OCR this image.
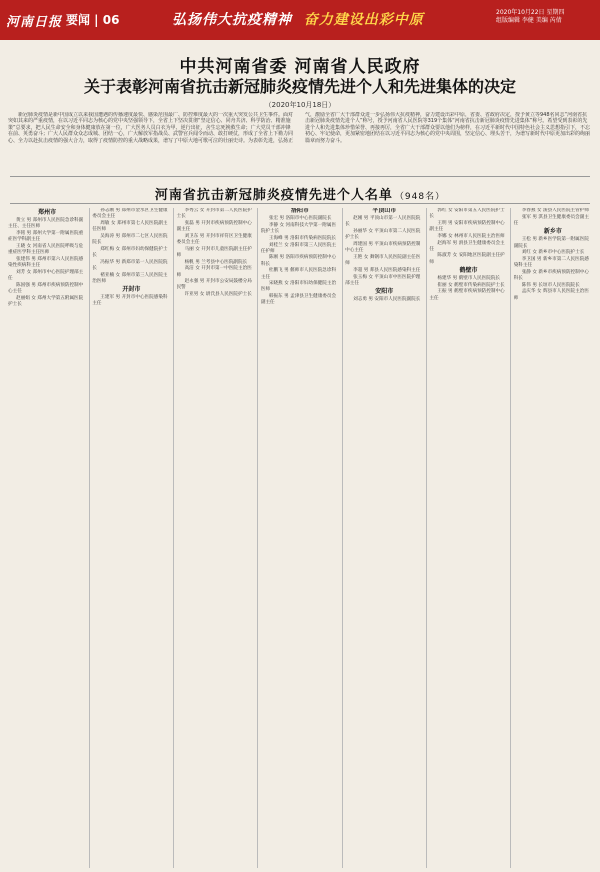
河南日报 要闻 | 06	弘扬伟大抗疫精神 奋力建设出彩中原	2020年10月22日 星期四
组版编辑 李健 美编 芮倩
中共河南省委 河南省人民政府
关于表彰河南省抗击新冠肺炎疫情先进个人和先进集体的决定
（2020年10月18日）
新冠肺炎疫情是新中国成立以来我国遭遇的传播速度最快、感染范围最广、防控难度最大的一次重大突发公共卫生事件。面对突如其来的严重疫情，在以习近平同志为核心的党中央坚强领导下，全省上下坚决贯彻“坚定信心、同舟共济、科学防治、精准施策”总要求，把人民生命安全和身体健康放在第一位，广大医务人员白衣为甲、逆行出征，舍生忘死挽救生命；广大党员干部冲锋在前、英勇奋斗；广大人民群众众志成城、团结一心，广大解放军指战员、武警官兵闻令而动、敢打硬仗，形成了全省上下勠力同心、全力以赴抗击疫情的强大合力，取得了疫情防控的重大战略成果，谱写了中原大地可歌可泣的壮丽史诗。为表彰先进，弘扬正气，激励全省广大干部群众进一步弘扬伟大抗疫精神，奋力建设出彩中原，省委、省政府决定，授予黄立等948名同志“河南省抗击新冠肺炎疫情先进个人”称号，授予河南省人民医院等319个集体“河南省抗击新冠肺炎疫情先进集体”称号。希望受到表彰的先进个人和先进集体珍惜荣誉、再接再厉，全省广大干部群众要以他们为榜样，在习近平新时代中国特色社会主义思想指引下，不忘初心、牢记使命，更加紧密地团结在以习近平同志为核心的党中央周围，坚定信心、埋头苦干，为谱写新时代中原更加出彩的绚丽篇章而努力奋斗。
河南省抗击新冠肺炎疫情先进个人名单 （948名）
郑州市
黄立 男 郑州市人民医院急诊科副主任、主任医师
李铭 男 郑州大学第一附属医院重症医学科副主任
王晓 女 河南省人民医院呼吸与危重症医学科主任医师
张建伟 男 郑州市第六人民医院感染性疾病科主任
刘芳 女 郑州市中心医院护理部主任
陈国强 男 郑州市疾病预防控制中心主任
赵丽娟 女 郑州大学第五附属医院护士长
孙志刚 男 郑州市金水区卫生健康委员会主任
周敏 女 郑州市第七人民医院副主任医师
吴海涛 男 郑州市二七区人民医院院长
郑红梅 女 郑州市妇幼保健院护士长
冯振华 男 新郑市第一人民医院院长
褚亚楠 女 郑州市第三人民医院主治医师
开封市
王建军 男 开封市中心医院感染科主任
李秀云 女 开封市第二人民医院护士长
张磊 男 开封市疾病预防控制中心副主任
刘卫东 男 开封市祥符区卫生健康委员会主任
马丽 女 开封市儿童医院副主任护师
杨帆 男 兰考县中心医院副院长
高洁 女 开封市第一中医院主治医师
赵永强 男 开封市公安局鼓楼分局民警
许亚男 女 尉氏县人民医院护士长
洛阳市
张宏 男 洛阳市中心医院副院长
李静 女 河南科技大学第一附属医院护士长
王海峰 男 洛阳市传染病医院院长
刘桂兰 女 洛阳市第三人民医院主任护师
陈刚 男 洛阳市疾病预防控制中心科长
杜鹏飞 男 偃师市人民医院急诊科主任
宋晓燕 女 洛阳市妇幼保健院主治医师
韩振东 男 孟津县卫生健康委员会副主任
平顶山市
赵刚 男 平顶山市第一人民医院院长
孙丽华 女 平顶山市第二人民医院护士长
周建国 男 平顶山市疾病预防控制中心主任
王艳 女 舞钢市人民医院副主任医师
李超 男 郏县人民医院感染科主任
张玉梅 女 平顶山市中医医院护理部主任
安阳市
刘志勇 男 安阳市人民医院副院长
郭红 女 安阳市第五人民医院护士长
王明 男 安阳市疾病预防控制中心副主任
李娜 女 林州市人民医院主治医师
赵海军 男 滑县卫生健康委员会主任
陈淑芳 女 安阳地区医院副主任护师
鹤壁市
杨建华 男 鹤壁市人民医院院长
崔丽 女 鹤壁市传染病医院护士长
王振 男 鹤壁市疾病预防控制中心主任
李春燕 女 浚县人民医院主管护师
张军 男 淇县卫生健康委员会副主任
新乡市
王松 男 新乡医学院第一附属医院副院长
刘红 女 新乡市中心医院护士长
李卫国 男 新乡市第二人民医院感染科主任
张静 女 新乡市疾病预防控制中心科长
陈伟 男 长垣市人民医院院长
孟庆华 女 辉县市人民医院主治医师
